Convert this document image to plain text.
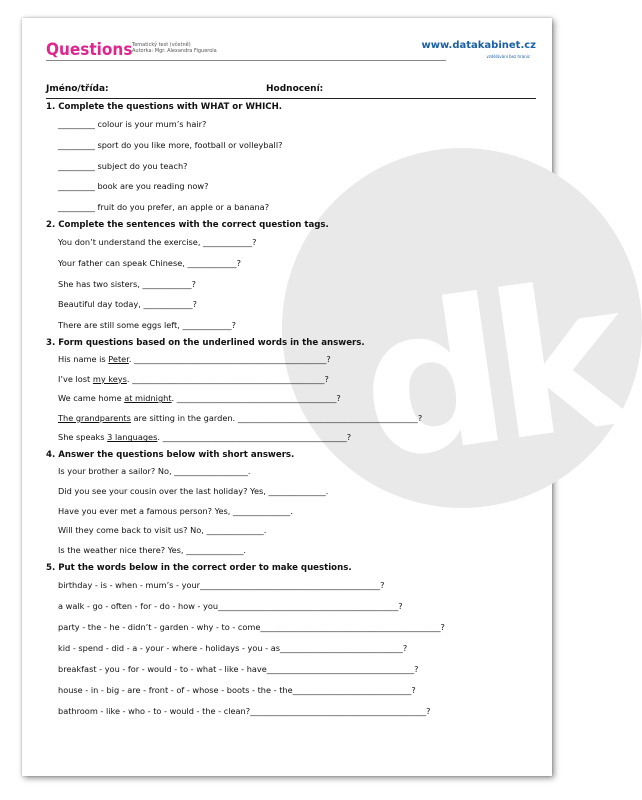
dk
Questions Tematický test (včetně)
Autorka: Mgr. Alexandra Figuerola	www.datakabinet.cz
vzdělávání bez hranic
Jméno/třída:	Hodnocení:
1. Complete the questions with WHAT or WHICH.
_________ colour is your mum’s hair?
_________ sport do you like more, football or volleyball?
_________ subject do you teach?
_________ book are you reading now?
_________ fruit do you prefer, an apple or a banana?
2. Complete the sentences with the correct question tags.
You don’t understand the exercise, ____________?
Your father can speak Chinese, ____________?
She has two sisters, ____________?
Beautiful day today, ____________?
There are still some eggs left, ____________?
3. Form questions based on the underlined words in the answers.
His name is Peter. _______________________________________________?
I’ve lost my keys. _______________________________________________?
We came home at midnight. _______________________________________?
The grandparents are sitting in the garden. ____________________________________________?
She speaks 3 languages. _____________________________________________?
4. Answer the questions below with short answers.
Is your brother a sailor? No, __________________.
Did you see your cousin over the last holiday? Yes, ______________.
Have you ever met a famous person? Yes, ______________.
Will they come back to visit us? No, ______________.
Is the weather nice there? Yes, ______________.
5. Put the words below in the correct order to make questions.
birthday - is - when - mum’s - your____________________________________________?
a walk - go - often - for - do - how - you____________________________________________?
party - the - he - didn’t - garden - why - to - come____________________________________________?
kid - spend - did - a - your - where - holidays - you - as______________________________?
breakfast - you - for - would - to - what - like - have____________________________________?
house - in - big - are - front - of - whose - boots - the - the_____________________________?
bathroom - like - who - to - would - the - clean?___________________________________________?
